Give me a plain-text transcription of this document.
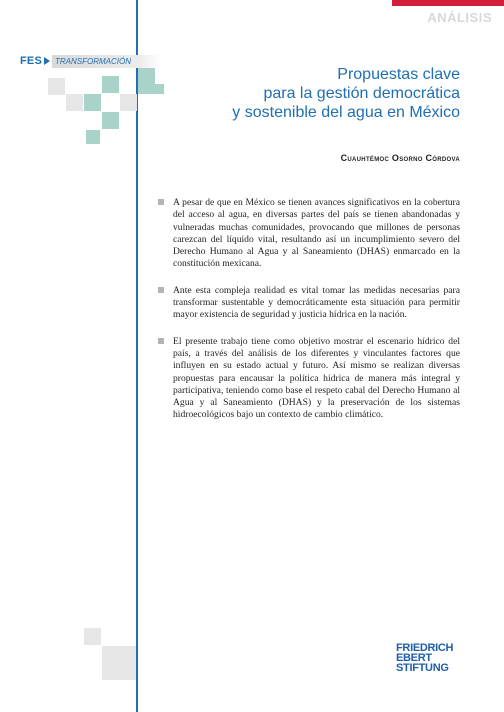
ANÁLISIS
FES	TRANSFORMACIÓN
Propuestas clave
para la gestión democrática
y sostenible del agua en México
Cuauhtémoc Osorno Córdova

A pesar de que en México se tienen avances significativos en la cobertura del acceso al agua, en diversas partes del país se tienen abandonadas y vulneradas muchas comunidades, provocando que millones de personas carezcan del líquido vital, resultando así un incumplimiento severo del Derecho Humano al Agua y al Saneamiento (DHAS) enmarcado en la constitución mexicana.

Ante esta compleja realidad es vital tomar las medidas necesarias para transformar sustentable y democráticamente esta situación para permitir mayor existencia de seguridad y justicia hídrica en la nación.

El presente trabajo tiene como objetivo mostrar el escenario hídrico del país, a través del análisis de los diferentes y vinculantes factores que influyen en su estado actual y futuro. Así mismo se realizan diversas propuestas para encausar la política hídrica de manera más integral y participativa, teniendo como base el respeto cabal del Derecho Humano al Agua y al Saneamiento (DHAS) y la preservación de los sistemas hidroecológicos bajo un contexto de cambio climático.

FRIEDRICH
EBERT
STIFTUNG
